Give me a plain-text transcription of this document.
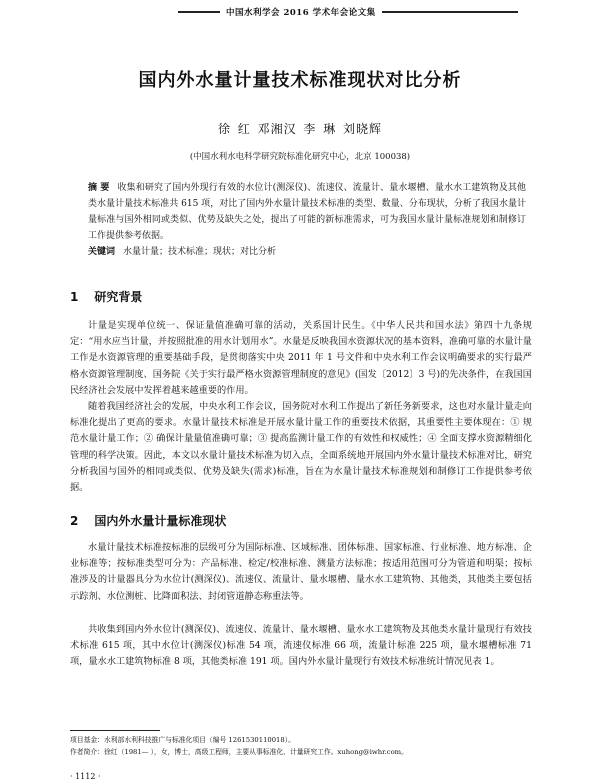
中国水利学会 2016 学术年会论文集
国内外水量计量技术标准现状对比分析
徐 红 邓湘汉 李 琳 刘晓辉
(中国水利水电科学研究院标准化研究中心，北京 100038)
摘 要 收集和研究了国内外现行有效的水位计(测深仪)、流速仪、流量计、量水堰槽、量水水工建筑物及其他类水量计量技术标准共 615 项，对比了国内外水量计量技术标准的类型、数量、分布现状，分析了我国水量计量标准与国外相同或类似、优势及缺失之处，提出了可能的新标准需求，可为我国水量计量标准规划和制修订工作提供参考依据。
关键词 水量计量；技术标准；现状；对比分析
1 研究背景
计量是实现单位统一、保证量值准确可靠的活动，关系国计民生。《中华人民共和国水法》第四十九条规定：“用水应当计量，并按照批准的用水计划用水”。水量是反映我国水资源状况的基本资料，准确可靠的水量计量工作是水资源管理的重要基础手段，是贯彻落实中央 2011 年 1 号文件和中央水利工作会议明确要求的实行最严格水资源管理制度、国务院《关于实行最严格水资源管理制度的意见》(国发〔2012〕3 号)的先决条件，在我国国民经济社会发展中发挥着越来越重要的作用。
随着我国经济社会的发展，中央水利工作会议，国务院对水利工作提出了新任务新要求，这也对水量计量走向标准化提出了更高的要求。水量计量技术标准是开展水量计量工作的重要技术依据，其重要性主要体现在：① 规范水量计量工作；② 确保计量量值准确可靠；③ 提高监测计量工作的有效性和权威性；④ 全面支撑水资源精细化管理的科学决策。因此，本文以水量计量技术标准为切入点，全面系统地开展国内外水量计量技术标准对比，研究分析我国与国外的相同或类似、优势及缺失(需求)标准，旨在为水量计量技术标准规划和制修订工作提供参考依据。
2 国内外水量计量标准现状
水量计量技术标准按标准的层级可分为国际标准、区域标准、团体标准、国家标准、行业标准、地方标准、企业标准等；按标准类型可分为：产品标准、检定/校准标准、测量方法标准；按适用范围可分为管道和明渠；按标准涉及的计量器具分为水位计(测深仪)、流速仪、流量计、量水堰槽、量水水工建筑物、其他类，其他类主要包括示踪剂、水位测桩、比降面积法、封闭管道静态称重法等。
共收集到国内外水位计(测深仪)、流速仪、流量计、量水堰槽、量水水工建筑物及其他类水量计量现行有效技术标准 615 项，其中水位计(测深仪)标准 54 项，流速仪标准 66 项，流量计标准 225 项，量水堰槽标准 71 项，量水水工建筑物标准 8 项，其他类标准 191 项。国内外水量计量现行有效技术标准统计情况见表 1。
项目基金：水利部水利科技推广与标准化项目（编号 1261530110018）。
作者简介：徐红（1981— ），女，博士，高级工程师，主要从事标准化、计量研究工作。xuhong@iwhr.com。
· 1112 ·
